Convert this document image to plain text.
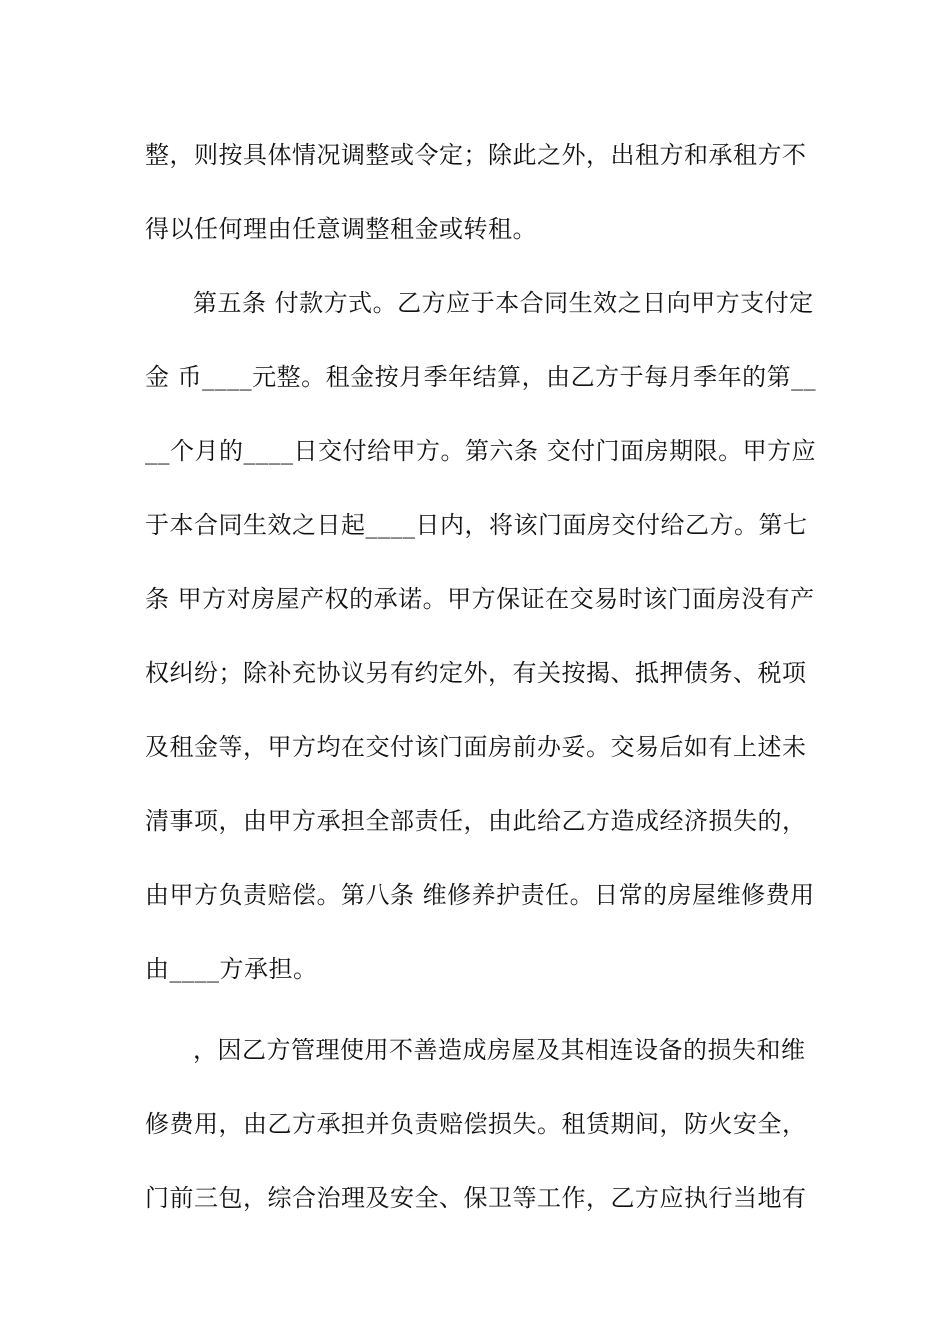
整，则按具体情况调整或令定；除此之外，出租方和承租方不
得以任何理由任意调整租金或转租。
第五条 付款方式。乙方应于本合同生效之日向甲方支付定
金 币____元整。租金按月季年结算，由乙方于每月季年的第__
__个月的____日交付给甲方。第六条 交付门面房期限。甲方应
于本合同生效之日起____日内，将该门面房交付给乙方。第七
条 甲方对房屋产权的承诺。甲方保证在交易时该门面房没有产
权纠纷；除补充协议另有约定外，有关按揭、抵押债务、税项
及租金等，甲方均在交付该门面房前办妥。交易后如有上述未
清事项，由甲方承担全部责任，由此给乙方造成经济损失的，
由甲方负责赔偿。第八条 维修养护责任。日常的房屋维修费用
由____方承担。
，因乙方管理使用不善造成房屋及其相连设备的损失和维
修费用，由乙方承担并负责赔偿损失。租赁期间，防火安全，
门前三包，综合治理及安全、保卫等工作，乙方应执行当地有
